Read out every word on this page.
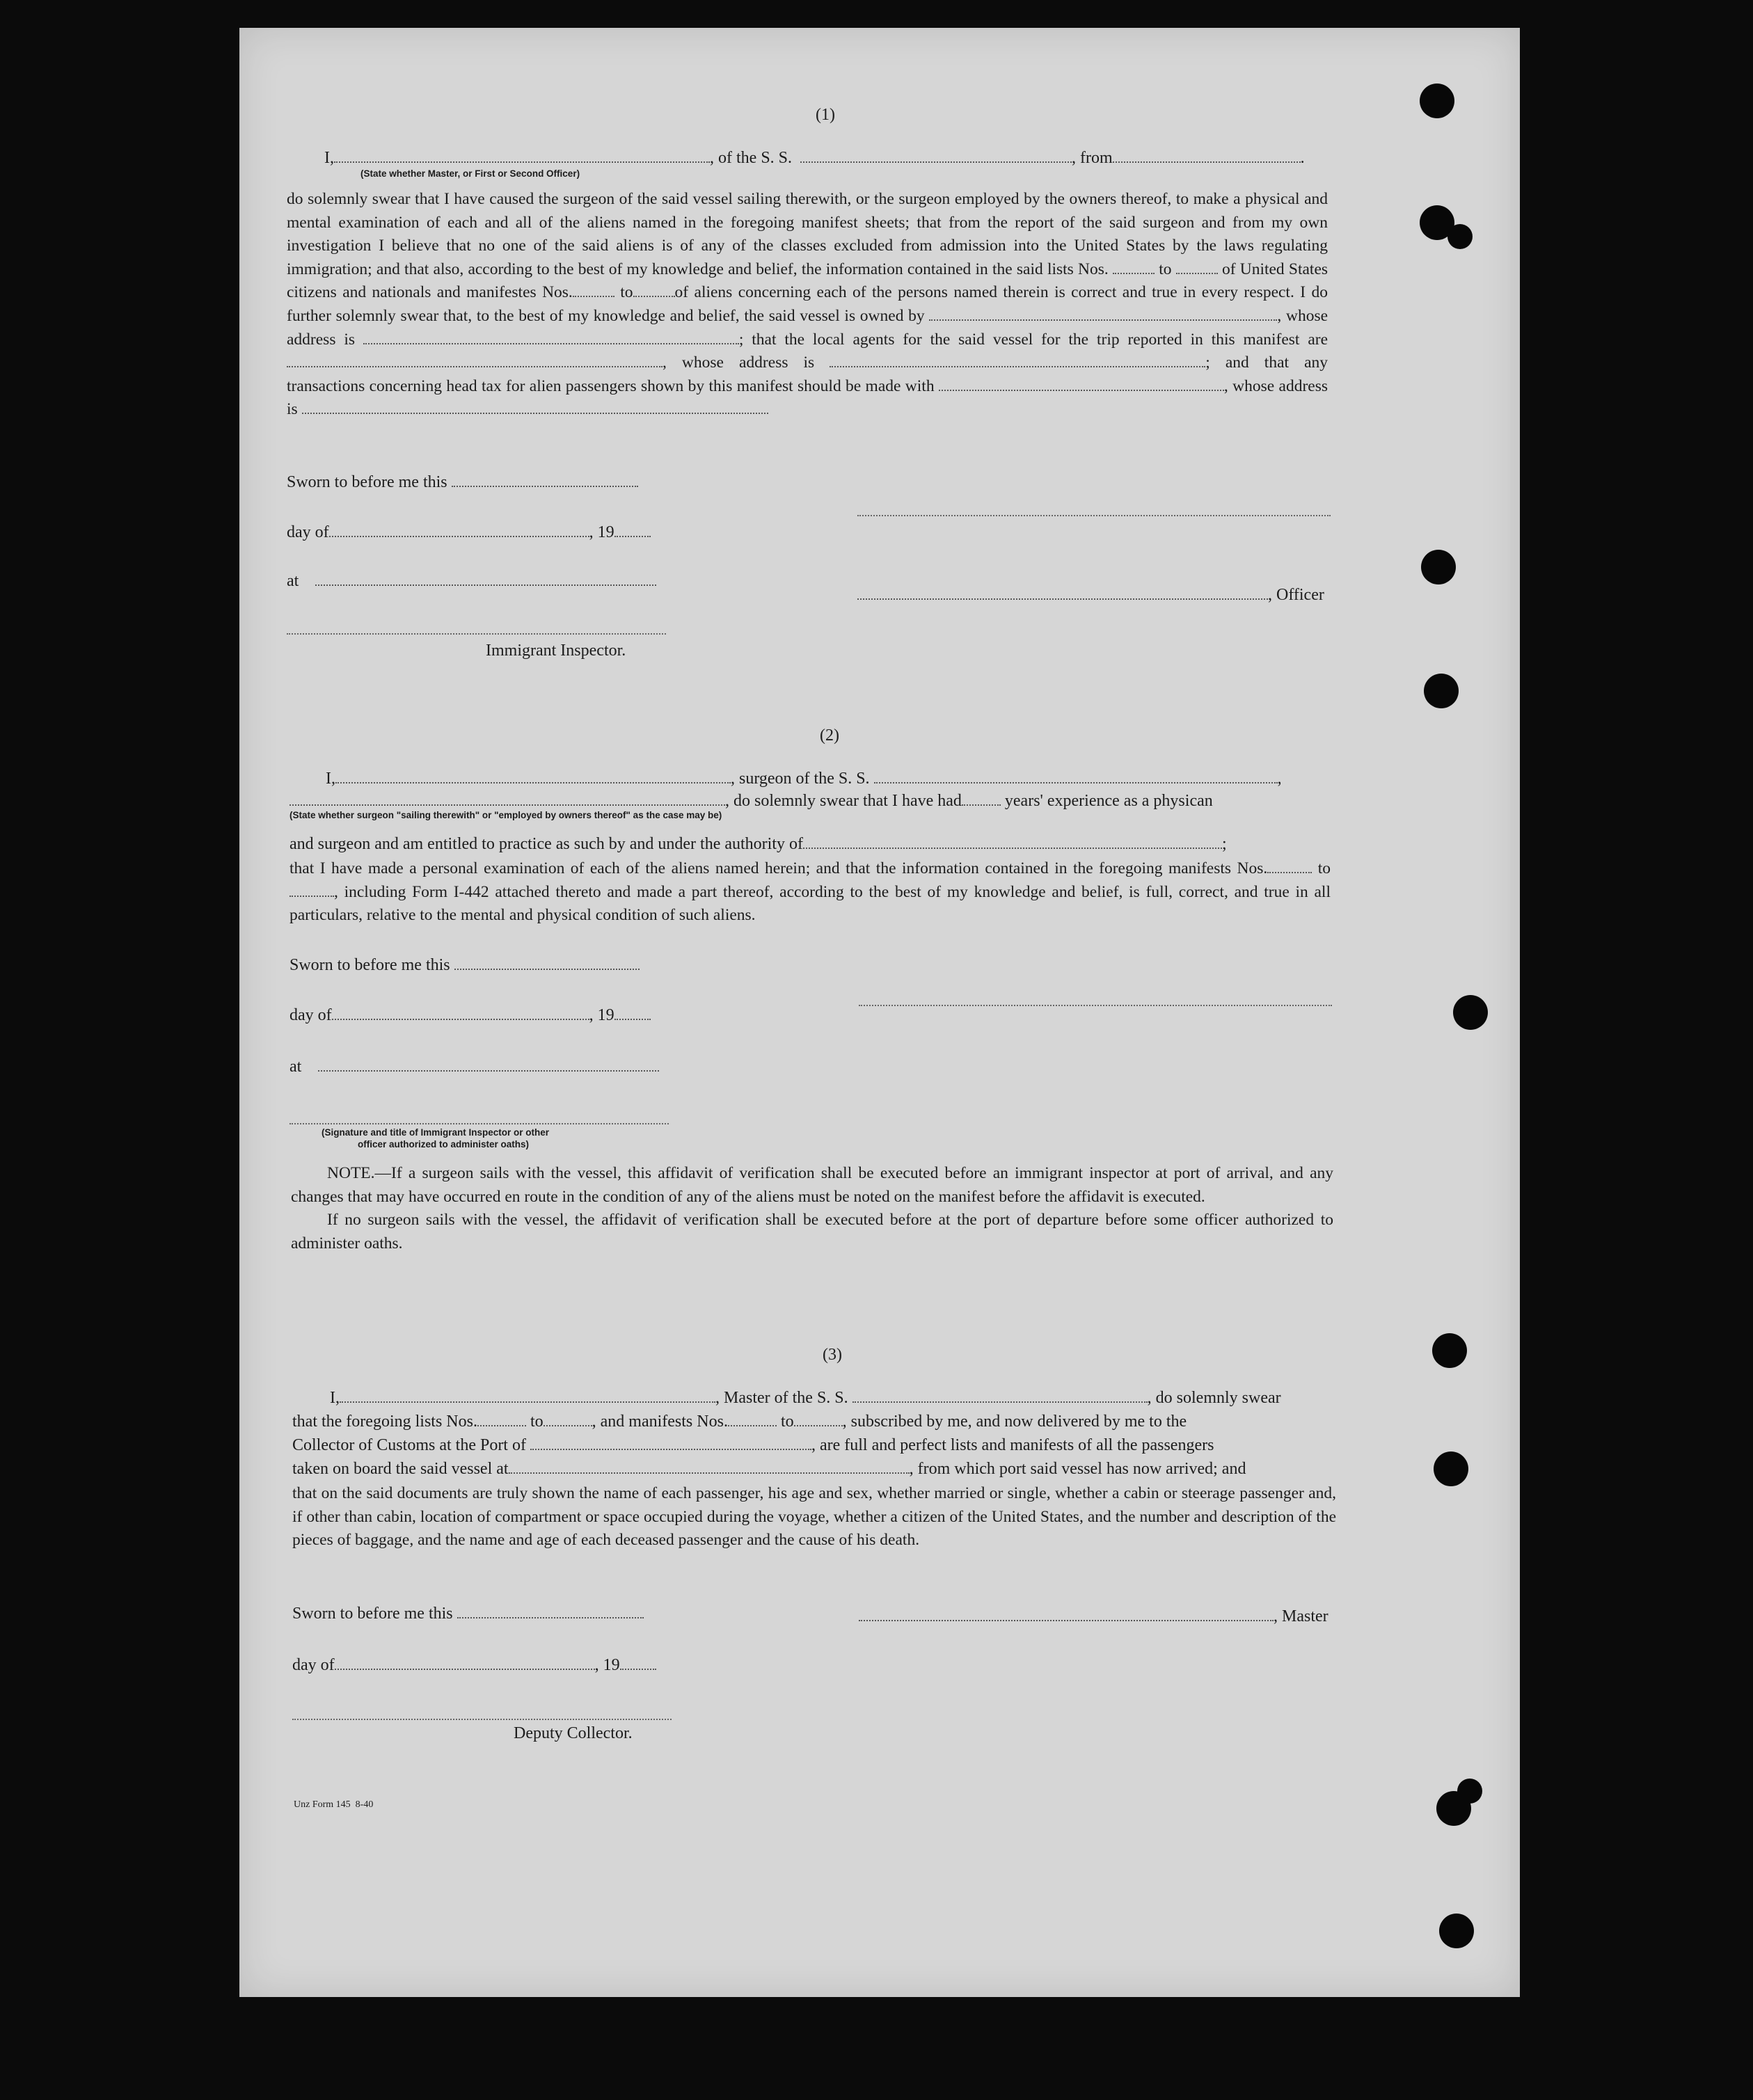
(1)
I,	, of the S. S.	, from	.
(State whether Master, or First or Second Officer)

do solemnly swear that I have caused the surgeon of the said vessel sailing therewith, or the surgeon employed by the owners thereof, to make a physical and mental examination of each and all of the aliens named in the foregoing manifest sheets; that from the report of the said surgeon and from my own investigation I believe that no one of the said aliens is of any of the classes excluded from admission into the United States by the laws regulating immigration; and that also, according to the best of my knowledge and belief, the information contained in the said lists Nos.	to	of United States citizens and nationals and manifestes Nos.	to	of aliens concerning each of the persons named therein is correct and true in every respect. I do further solemnly swear that, to the best of my knowledge and belief, the said vessel is owned by	, whose address is	; that the local agents for the said vessel for the trip reported in this manifest are , whose address is	; and that any transactions concerning head tax for alien passengers shown by this manifest should be made with	, whose address is

Sworn to before me this
day of	, 19
at
, Officer
Immigrant Inspector.
(2)
I,	, surgeon of the S. S.	,
, do solemnly swear that I have had	years' experience as a physican
(State whether surgeon "sailing therewith" or "employed by owners thereof" as the case may be)
and surgeon and am entitled to practice as such by and under the authority of	;

that I have made a personal examination of each of the aliens named herein; and that the information contained in the foregoing manifests Nos.	to, including Form I-442 attached thereto and made a part thereof, according to the best of my knowledge and belief, is full, correct, and true in all particulars, relative to the mental and physical condition of such aliens.

Sworn to before me this
day of	, 19
at
(Signature and title of Immigrant Inspector or other
officer authorized to administer oaths)

NOTE.—If a surgeon sails with the vessel, this affidavit of verification shall be executed before an immigrant inspector at port of arrival, and any changes that may have occurred en route in the condition of any of the aliens must be noted on the manifest before the affidavit is executed.

If no surgeon sails with the vessel, the affidavit of verification shall be executed before at the port of departure before some officer authorized to administer oaths.

(3)
I,	, Master of the S. S.	, do solemnly swear
that the foregoing lists Nos.	to	, and manifests Nos.	to	, subscribed by me, and now delivered by me to the
Collector of Customs at the Port of	, are full and perfect lists and manifests of all the passengers
taken on board the said vessel at	, from which port said vessel has now arrived; and

that on the said documents are truly shown the name of each passenger, his age and sex, whether married or single, whether a cabin or steerage passenger and, if other than cabin, location of compartment or space occupied during the voyage, whether a citizen of the United States, and the number and description of the pieces of baggage, and the name and age of each deceased passenger and the cause of his death.

Sworn to before me this	, Master
day of	, 19
Deputy Collector.
Unz Form 145 8-40
